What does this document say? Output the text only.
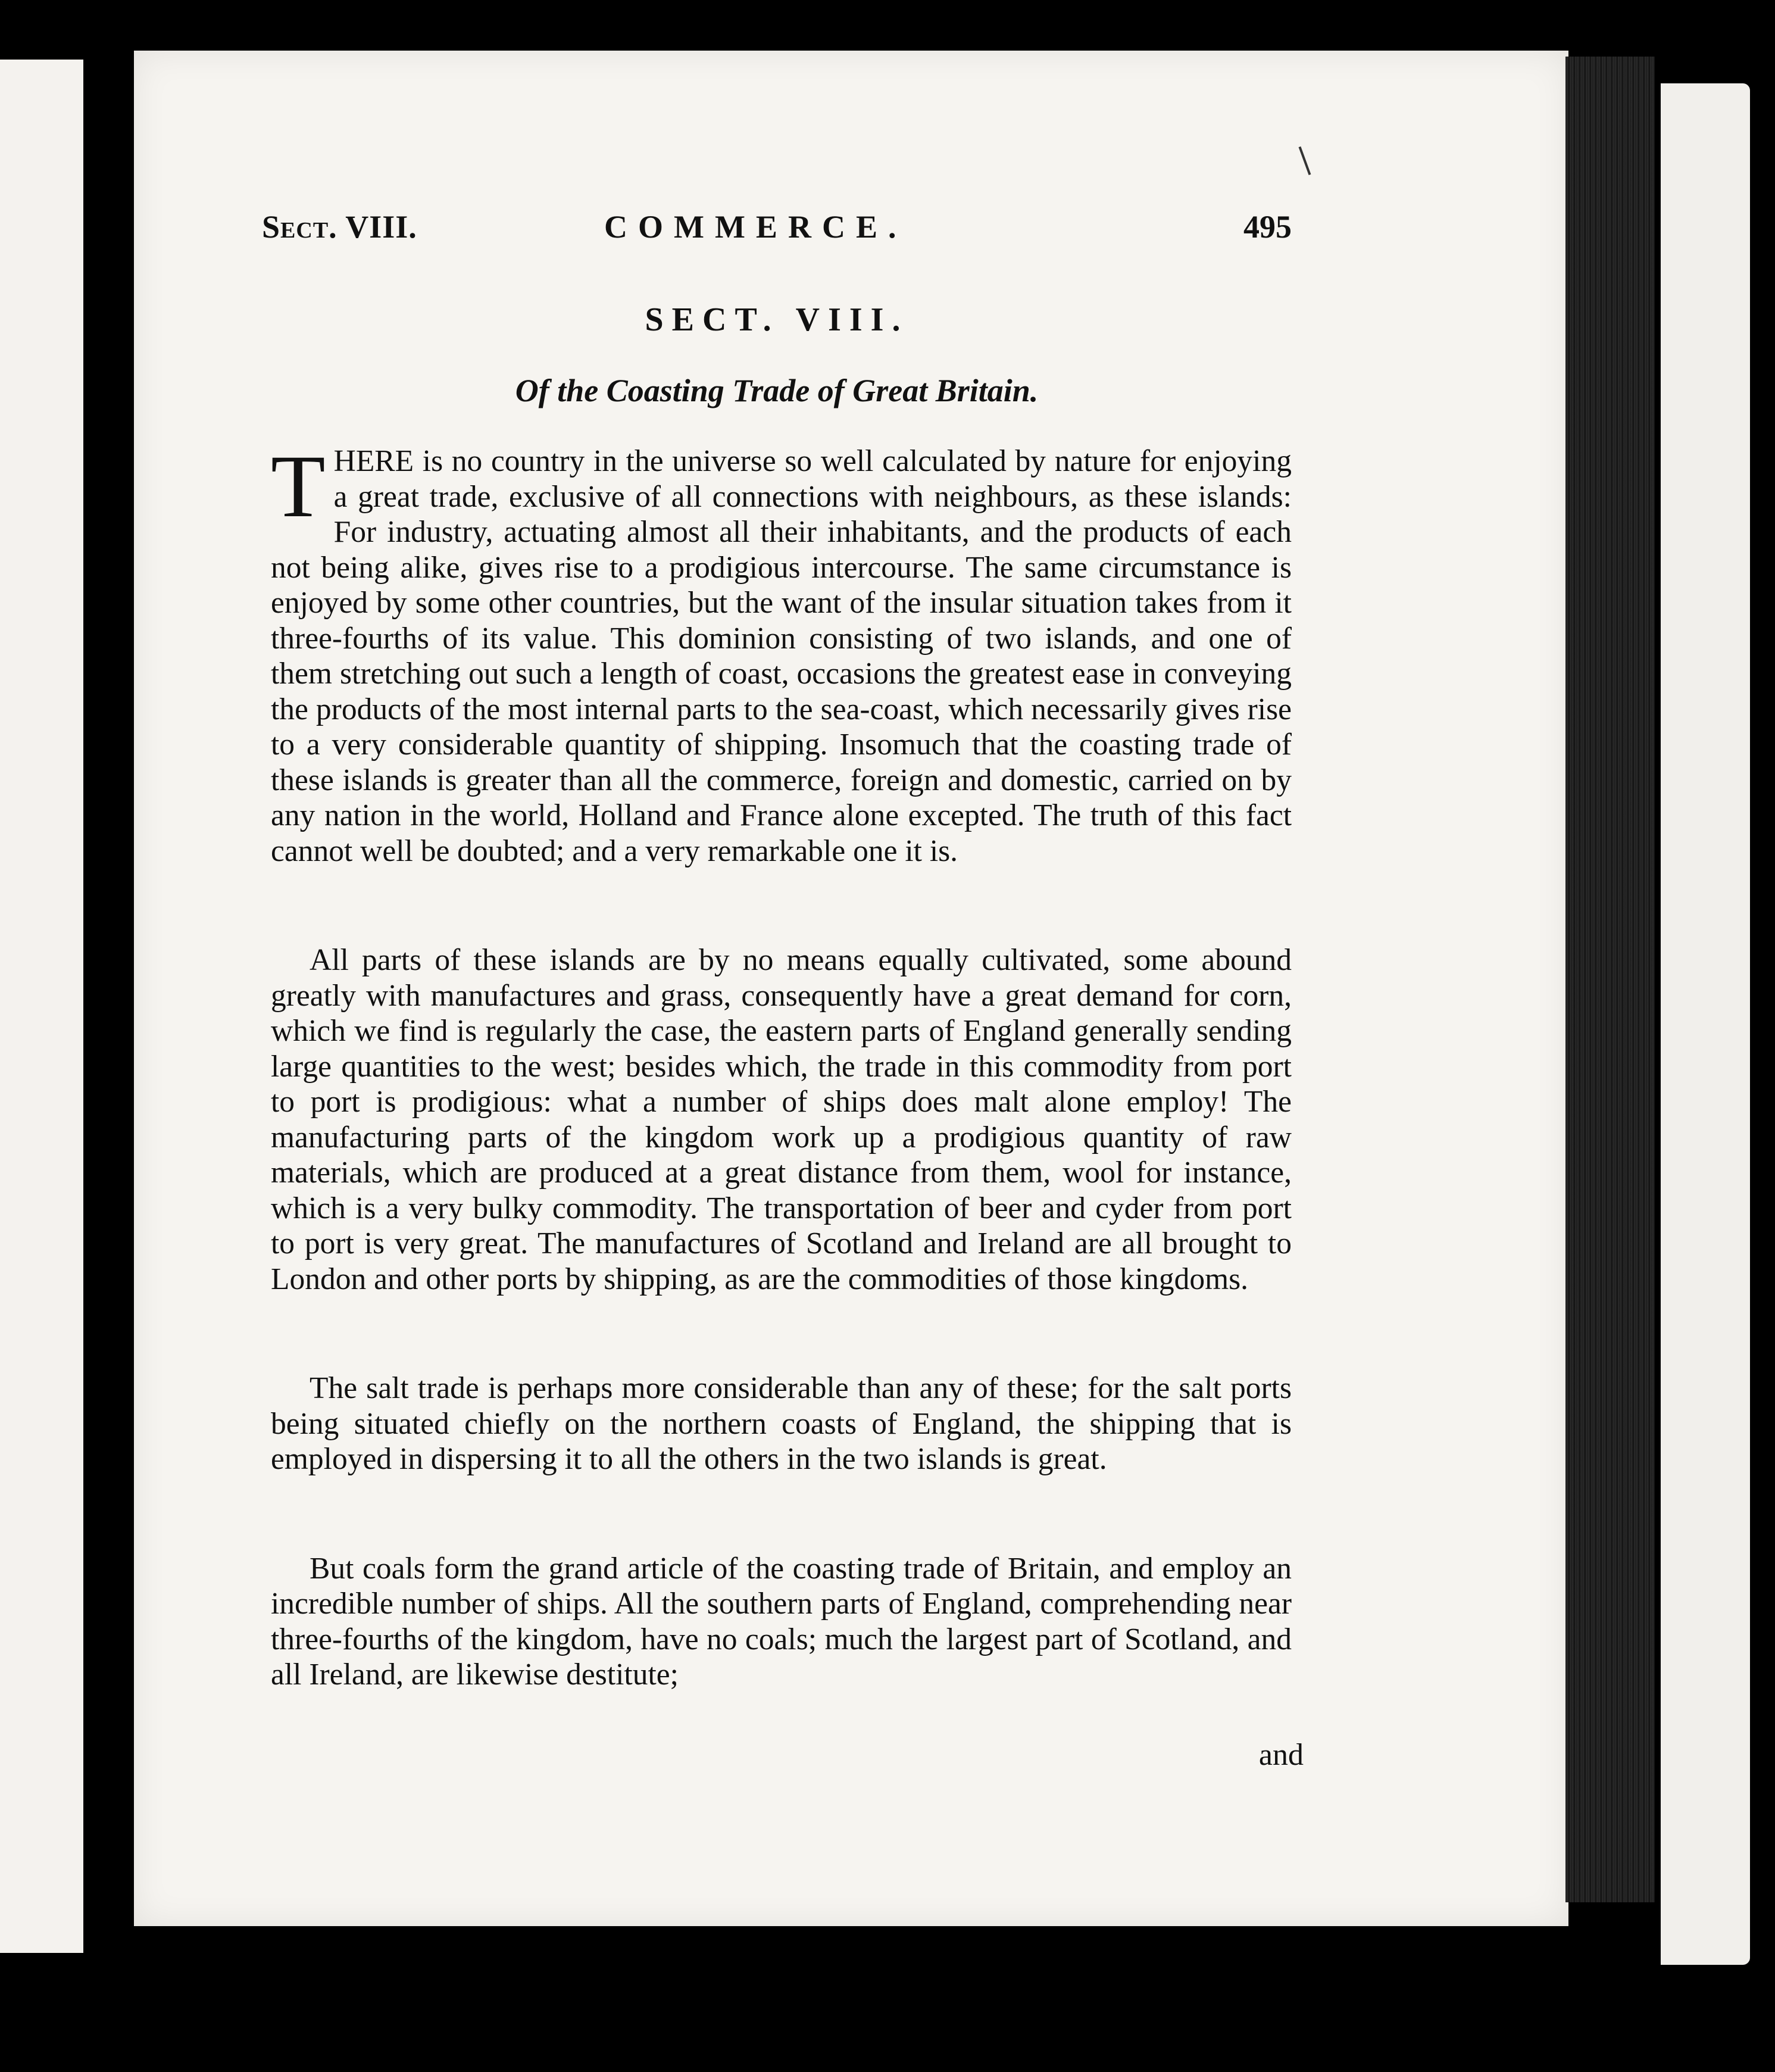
Sect. VIII.	COMMERCE.	495
SECT. VIII.
Of the Coasting Trade of Great Britain.

THERE is no country in the universe so well calculated by nature for enjoying a great trade, exclusive of all connections with neighbours, as these islands: For industry, actuating almost all their inhabitants, and the products of each not being alike, gives rise to a prodigious intercourse. The same circumstance is enjoyed by some other countries, but the want of the insular situation takes from it three-fourths of its value. This dominion consisting of two islands, and one of them stretching out such a length of coast, occasions the greatest ease in conveying the products of the most internal parts to the sea-coast, which necessarily gives rise to a very considerable quantity of shipping. Insomuch that the coasting trade of these islands is greater than all the commerce, foreign and domestic, carried on by any nation in the world, Holland and France alone excepted. The truth of this fact cannot well be doubted; and a very remarkable one it is.

All parts of these islands are by no means equally cultivated, some abound greatly with manufactures and grass, consequently have a great demand for corn, which we find is regularly the case, the eastern parts of England generally sending large quantities to the west; besides which, the trade in this commodity from port to port is prodigious: what a number of ships does malt alone employ! The manufacturing parts of the kingdom work up a prodigious quantity of raw materials, which are produced at a great distance from them, wool for instance, which is a very bulky commodity. The transportation of beer and cyder from port to port is very great. The manufactures of Scotland and Ireland are all brought to London and other ports by shipping, as are the commodities of those kingdoms.

The salt trade is perhaps more considerable than any of these; for the salt ports being situated chiefly on the northern coasts of England, the shipping that is employed in dispersing it to all the others in the two islands is great.

But coals form the grand article of the coasting trade of Britain, and employ an incredible number of ships. All the southern parts of England, comprehending near three-fourths of the kingdom, have no coals; much the largest part of Scotland, and all Ireland, are likewise destitute;

and
